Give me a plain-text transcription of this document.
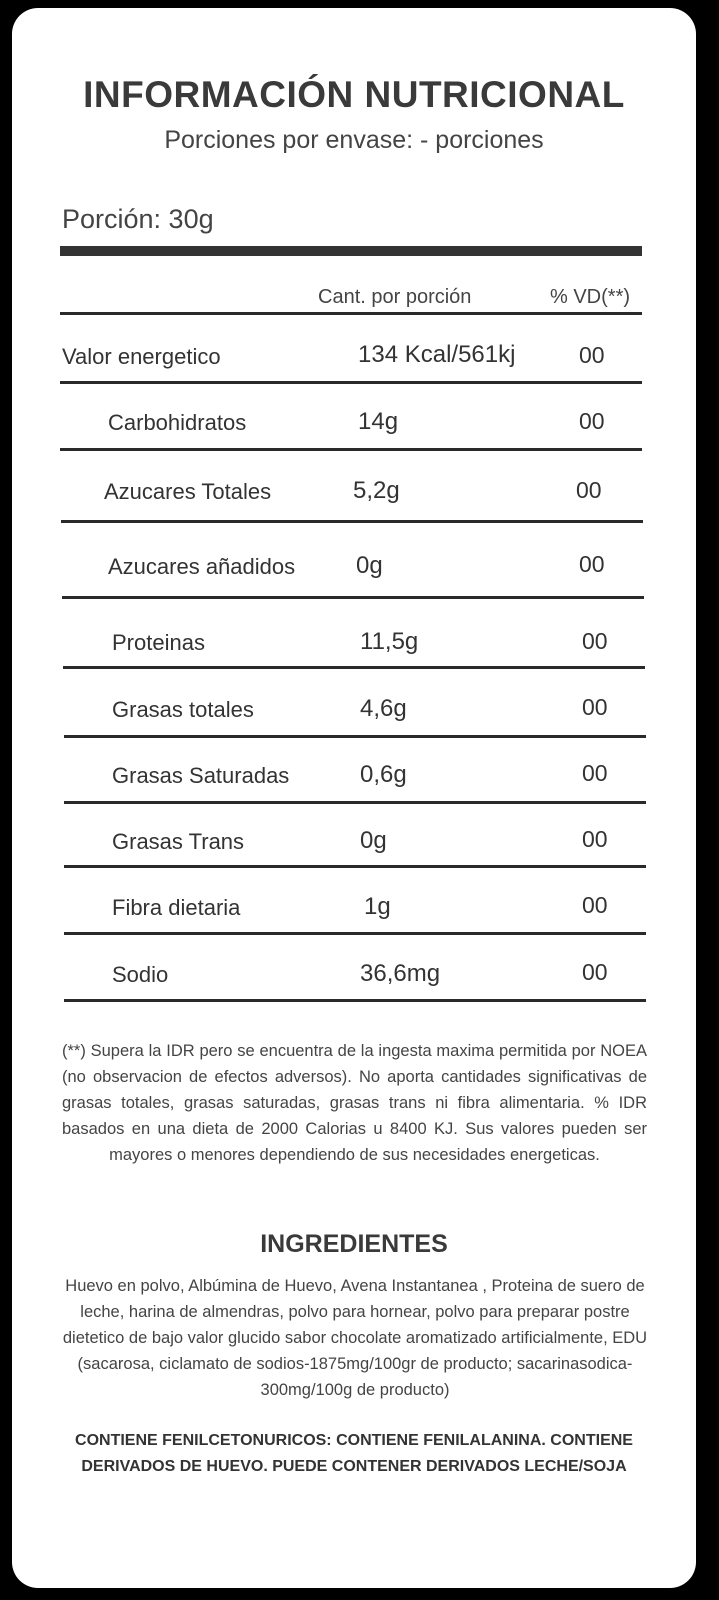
INFORMACIÓN NUTRICIONAL
Porciones por envase: - porciones
Porción: 30g
Cant. por porción	% VD(**)
Valor energetico	134 Kcal/561kj	00
Carbohidratos	14g	00
Azucares Totales	5,2g	00
Azucares añadidos	0g	00
Proteinas	11,5g	00
Grasas totales	4,6g	00
Grasas Saturadas	0,6g	00
Grasas Trans	0g	00
Fibra dietaria	1g	00
Sodio	36,6mg	00
(**) Supera la IDR pero se encuentra de la ingesta maxima permitida por NOEA (no observacion de efectos adversos). No aporta cantidades significativas de grasas totales, grasas saturadas, grasas trans ni fibra alimentaria. % IDR basados en una dieta de 2000 Calorias u 8400 KJ. Sus valores pueden ser mayores o menores dependiendo de sus necesidades energeticas.
INGREDIENTES
Huevo en polvo, Albúmina de Huevo, Avena Instantanea , Proteina de suero de leche, harina de almendras, polvo para hornear, polvo para preparar postre dietetico de bajo valor glucido sabor chocolate aromatizado artificialmente, EDU (sacarosa, ciclamato de sodios-1875mg/100gr de producto; sacarinasodica-300mg/100g de producto)
CONTIENE FENILCETONURICOS: CONTIENE FENILALANINA. CONTIENE DERIVADOS DE HUEVO. PUEDE CONTENER DERIVADOS LECHE/SOJA
